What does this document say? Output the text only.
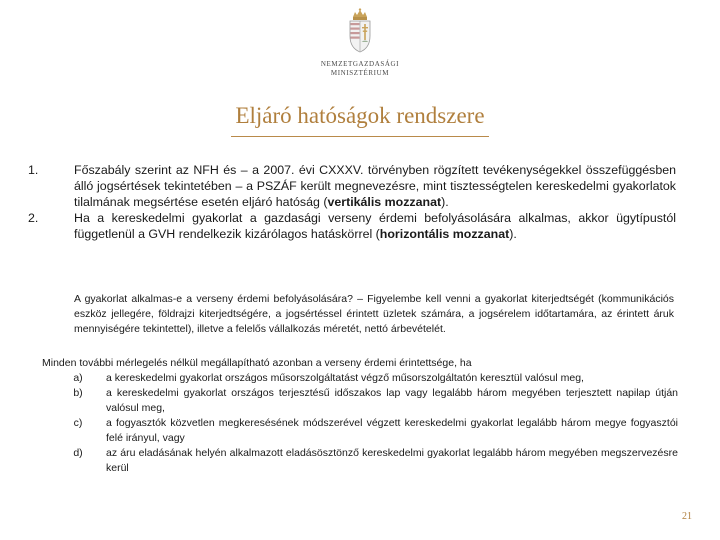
NEMZETGAZDASÁGI
MINISZTÉRIUM
Eljáró hatóságok rendszere
1.	Főszabály szerint az NFH és – a 2007. évi CXXXV. törvényben rögzített tevékenységekkel összefüggésben álló jogsértések tekintetében – a PSZÁF került megnevezésre, mint tisztességtelen kereskedelmi gyakorlatok tilalmának megsértése esetén eljáró hatóság (vertikális mozzanat).
2.	Ha a kereskedelmi gyakorlat a gazdasági verseny érdemi befolyásolására alkalmas, akkor ügytípustól függetlenül a GVH rendelkezik kizárólagos hatáskörrel (horizontális mozzanat).
A gyakorlat alkalmas-e a verseny érdemi befolyásolására? – Figyelembe kell venni a gyakorlat kiterjedtségét (kommunikációs eszköz jellegére, földrajzi kiterjedtségére, a jogsértéssel érintett üzletek számára, a jogsérelem időtartamára, az érintett áruk mennyiségére tekintettel), illetve a felelős vállalkozás méretét, nettó árbevételét.
Minden további mérlegelés nélkül megállapítható azonban a verseny érdemi érintettsége, ha
a)	a kereskedelmi gyakorlat országos műsorszolgáltatást végző műsorszolgáltatón keresztül valósul meg,
b)	a kereskedelmi gyakorlat országos terjesztésű időszakos lap vagy legalább három megyében terjesztett napilap útján valósul meg,
c)	a fogyasztók közvetlen megkeresésének módszerével végzett kereskedelmi gyakorlat legalább három megye fogyasztói felé irányul, vagy
d)	az áru eladásának helyén alkalmazott eladásösztönző kereskedelmi gyakorlat legalább három megyében megszervezésre kerül
21
